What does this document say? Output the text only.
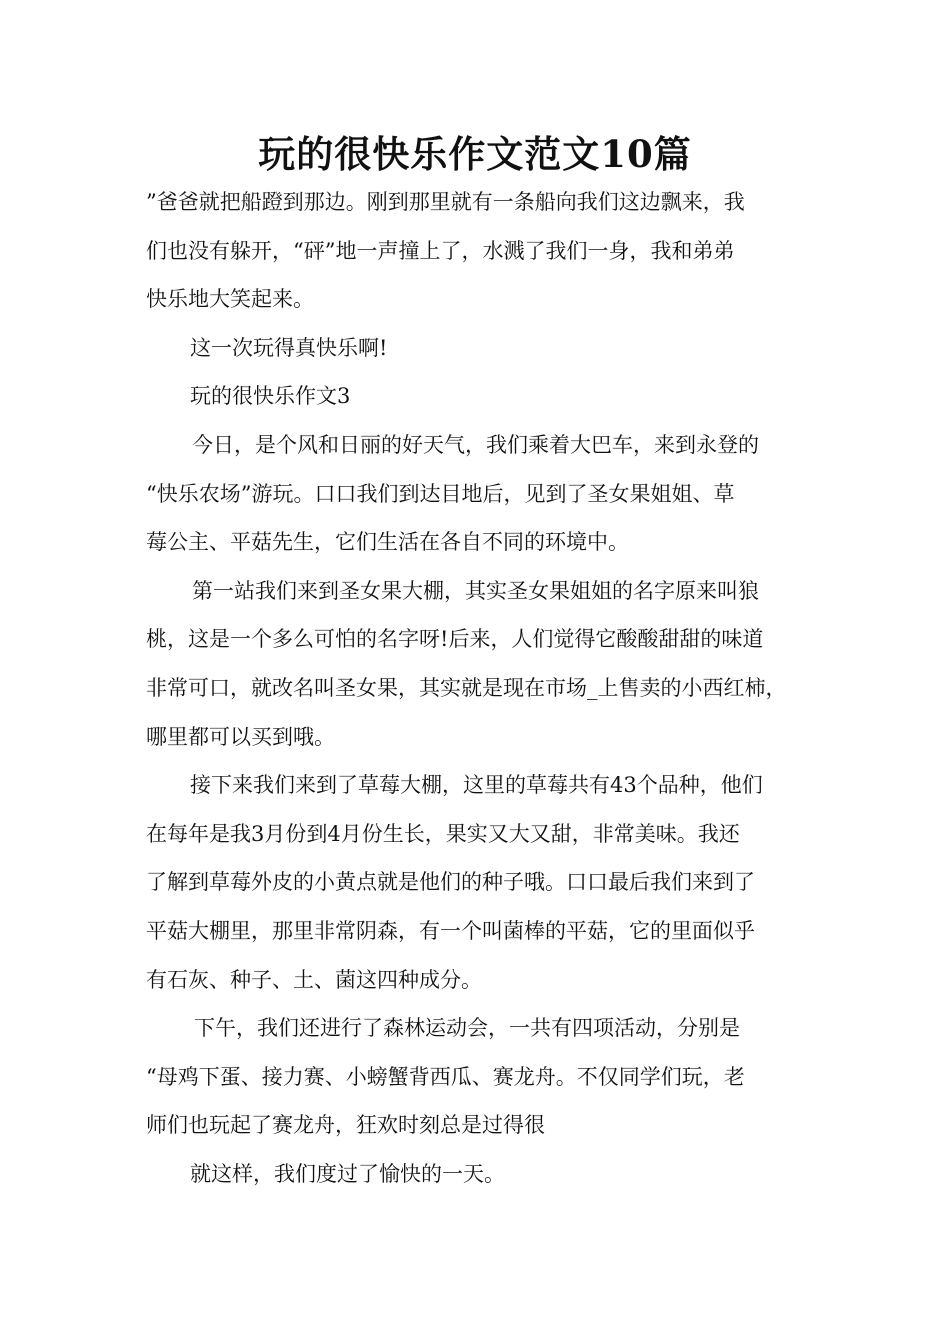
玩的很快乐作文范文10篇
”爸爸就把船蹬到那边。刚到那里就有一条船向我们这边飘来，我
们也没有躲开，“砰”地一声撞上了，水溅了我们一身，我和弟弟
快乐地大笑起来。
这一次玩得真快乐啊!
玩的很快乐作文3
今日，是个风和日丽的好天气，我们乘着大巴车，来到永登的
“快乐农场”游玩。口口我们到达目地后，见到了圣女果姐姐、草
莓公主、平菇先生，它们生活在各自不同的环境中。
第一站我们来到圣女果大棚，其实圣女果姐姐的名字原来叫狼
桃，这是一个多么可怕的名字呀!后来，人们觉得它酸酸甜甜的味道
非常可口，就改名叫圣女果，其实就是现在市场_上售卖的小西红柿，
哪里都可以买到哦。
接下来我们来到了草莓大棚，这里的草莓共有43个品种，他们
在每年是我3月份到4月份生长，果实又大又甜，非常美味。我还
了解到草莓外皮的小黄点就是他们的种子哦。口口最后我们来到了
平菇大棚里，那里非常阴森，有一个叫菌棒的平菇，它的里面似乎
有石灰、种子、土、菌这四种成分。
下午，我们还进行了森林运动会，一共有四项活动，分别是
“母鸡下蛋、接力赛、小螃蟹背西瓜、赛龙舟。不仅同学们玩，老
师们也玩起了赛龙舟，狂欢时刻总是过得很
就这样，我们度过了愉快的一天。
